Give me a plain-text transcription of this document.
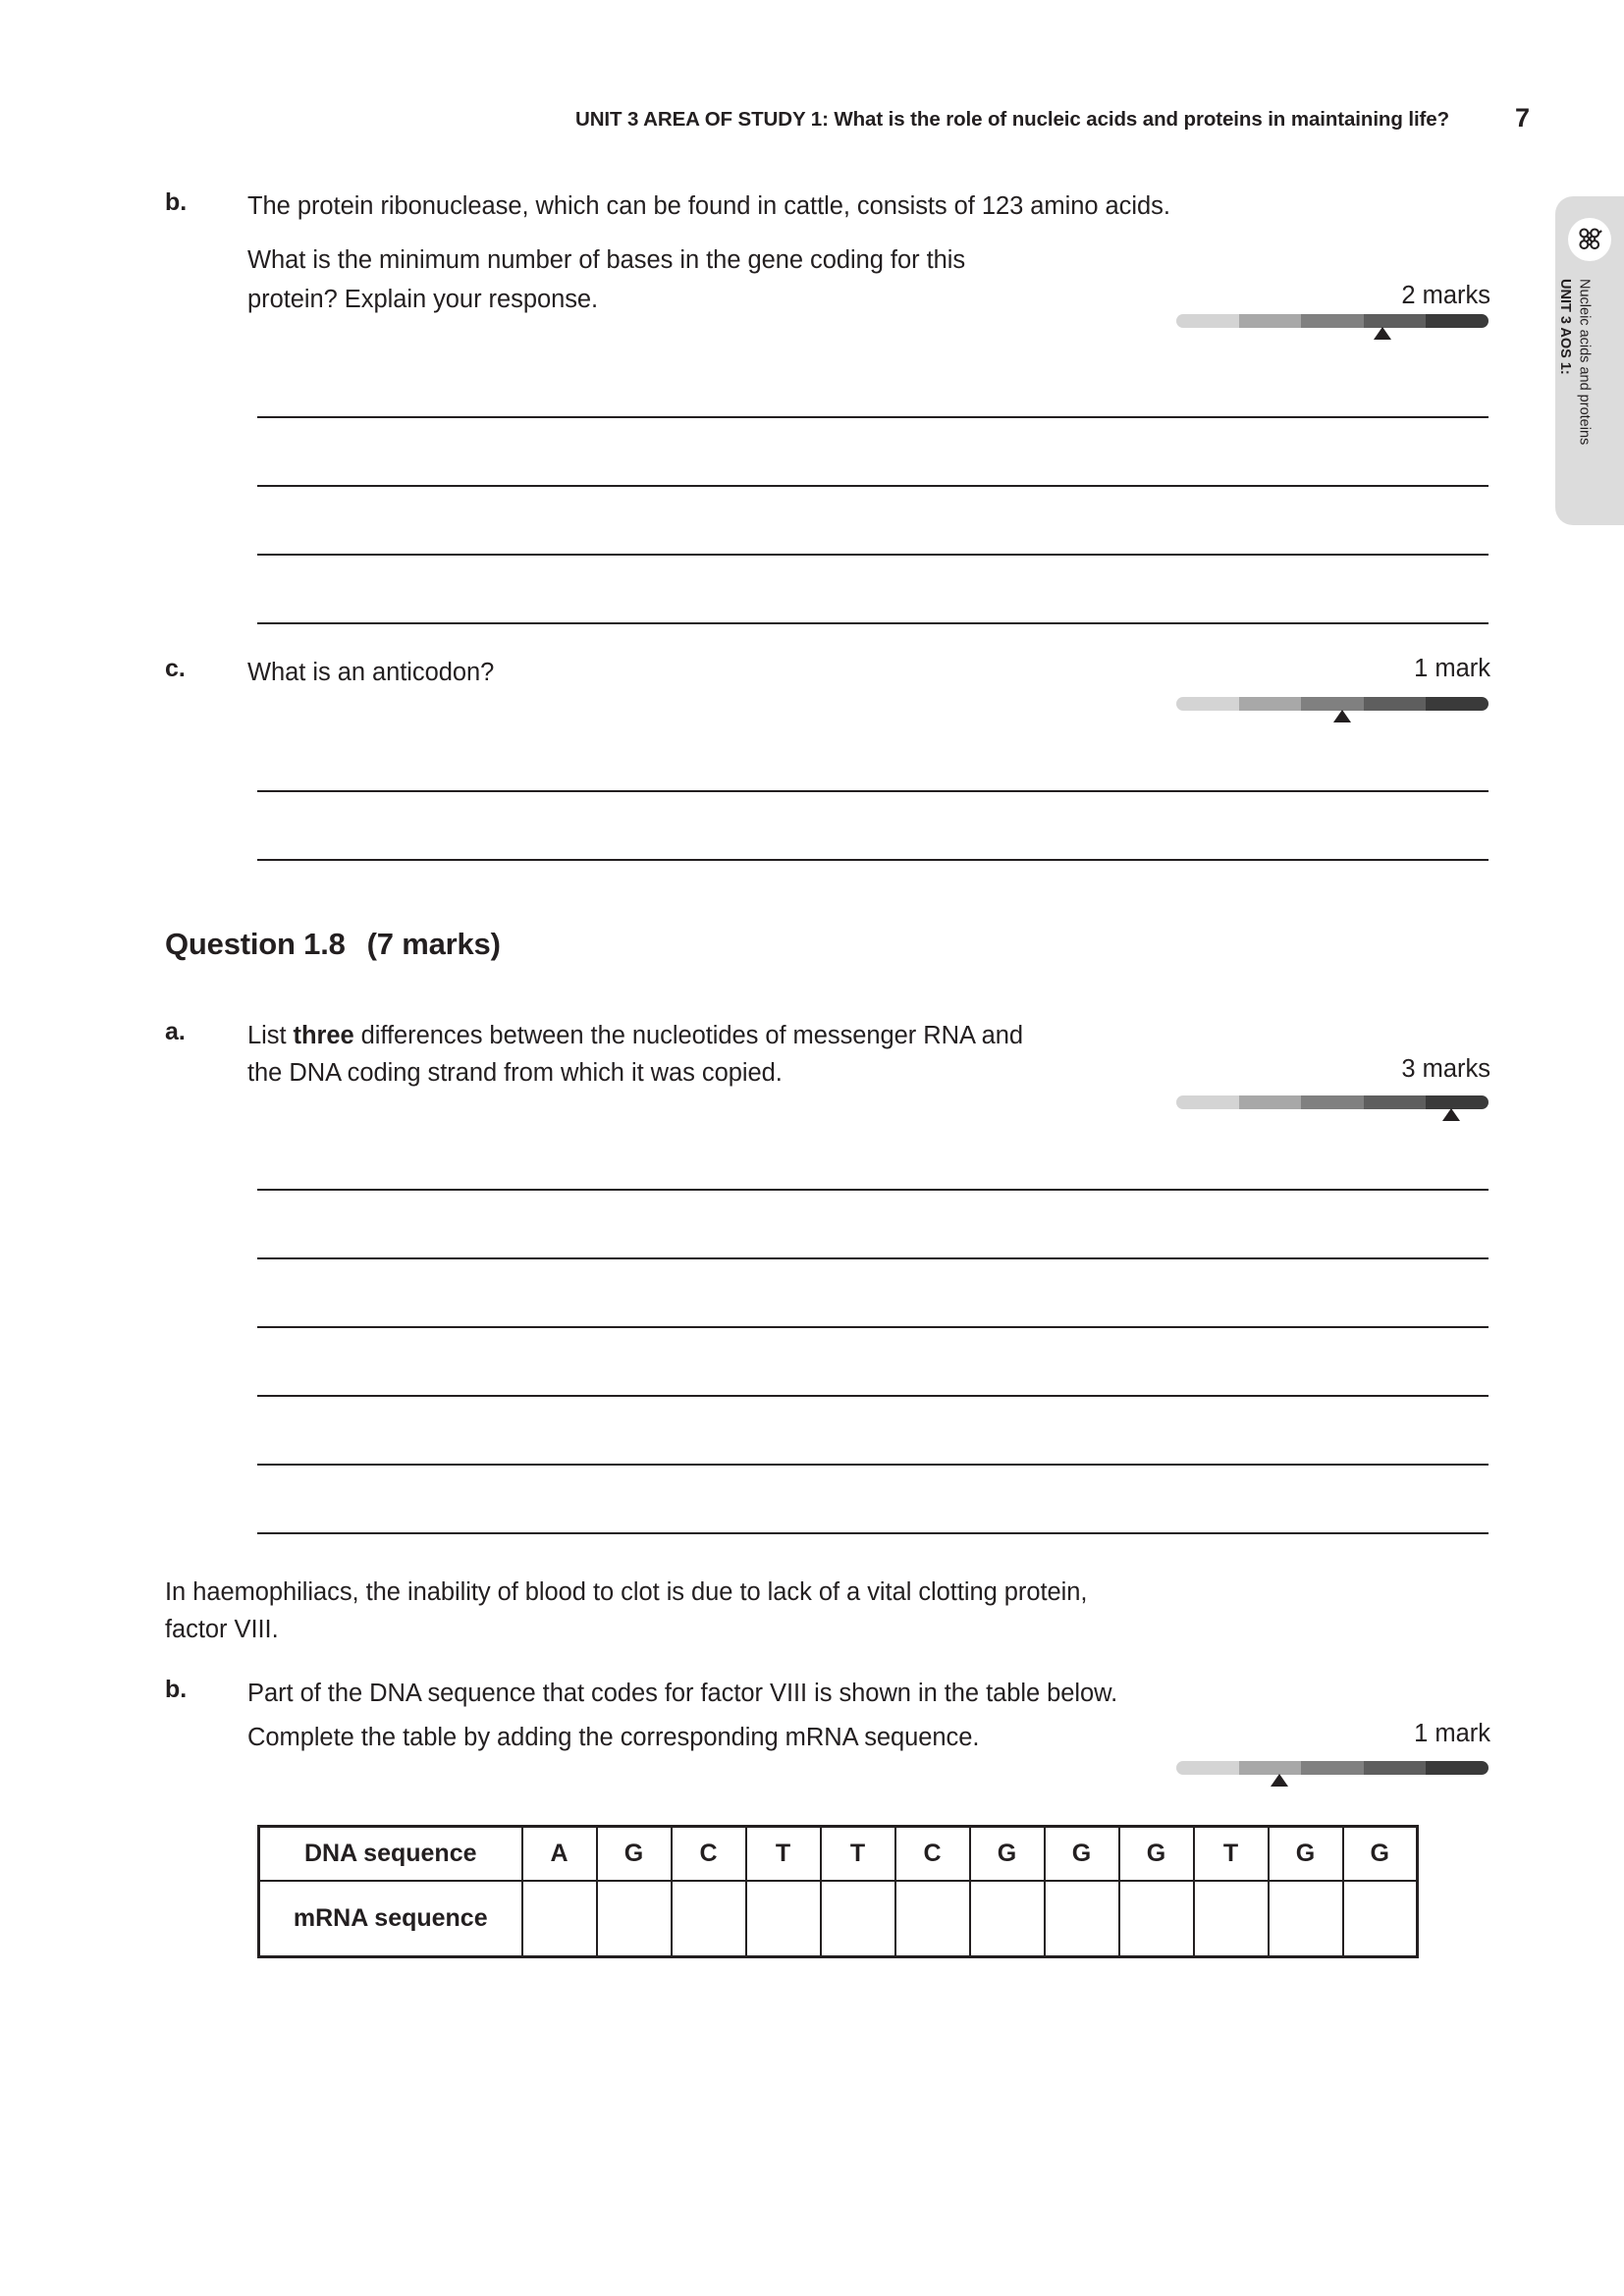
UNIT 3 AREA OF STUDY 1: What is the role of nucleic acids and proteins in maintaining life? 7
UNIT 3 AOS 1: Nucleic acids and proteins
b.	The protein ribonuclease, which can be found in cattle, consists of 123 amino acids.
What is the minimum number of bases in the gene coding for this
protein? Explain your response.	2 marks
c.	What is an anticodon?	1 mark
Question 1.8 (7 marks)
a.	List three differences between the nucleotides of messenger RNA and
the DNA coding strand from which it was copied.	3 marks
In haemophiliacs, the inability of blood to clot is due to lack of a vital clotting protein,
factor VIII.
b.	Part of the DNA sequence that codes for factor VIII is shown in the table below.
Complete the table by adding the corresponding mRNA sequence.	1 mark
DNA sequence	A	G	C	T	T	C	G	G	G	T	G	G
mRNA sequence												
